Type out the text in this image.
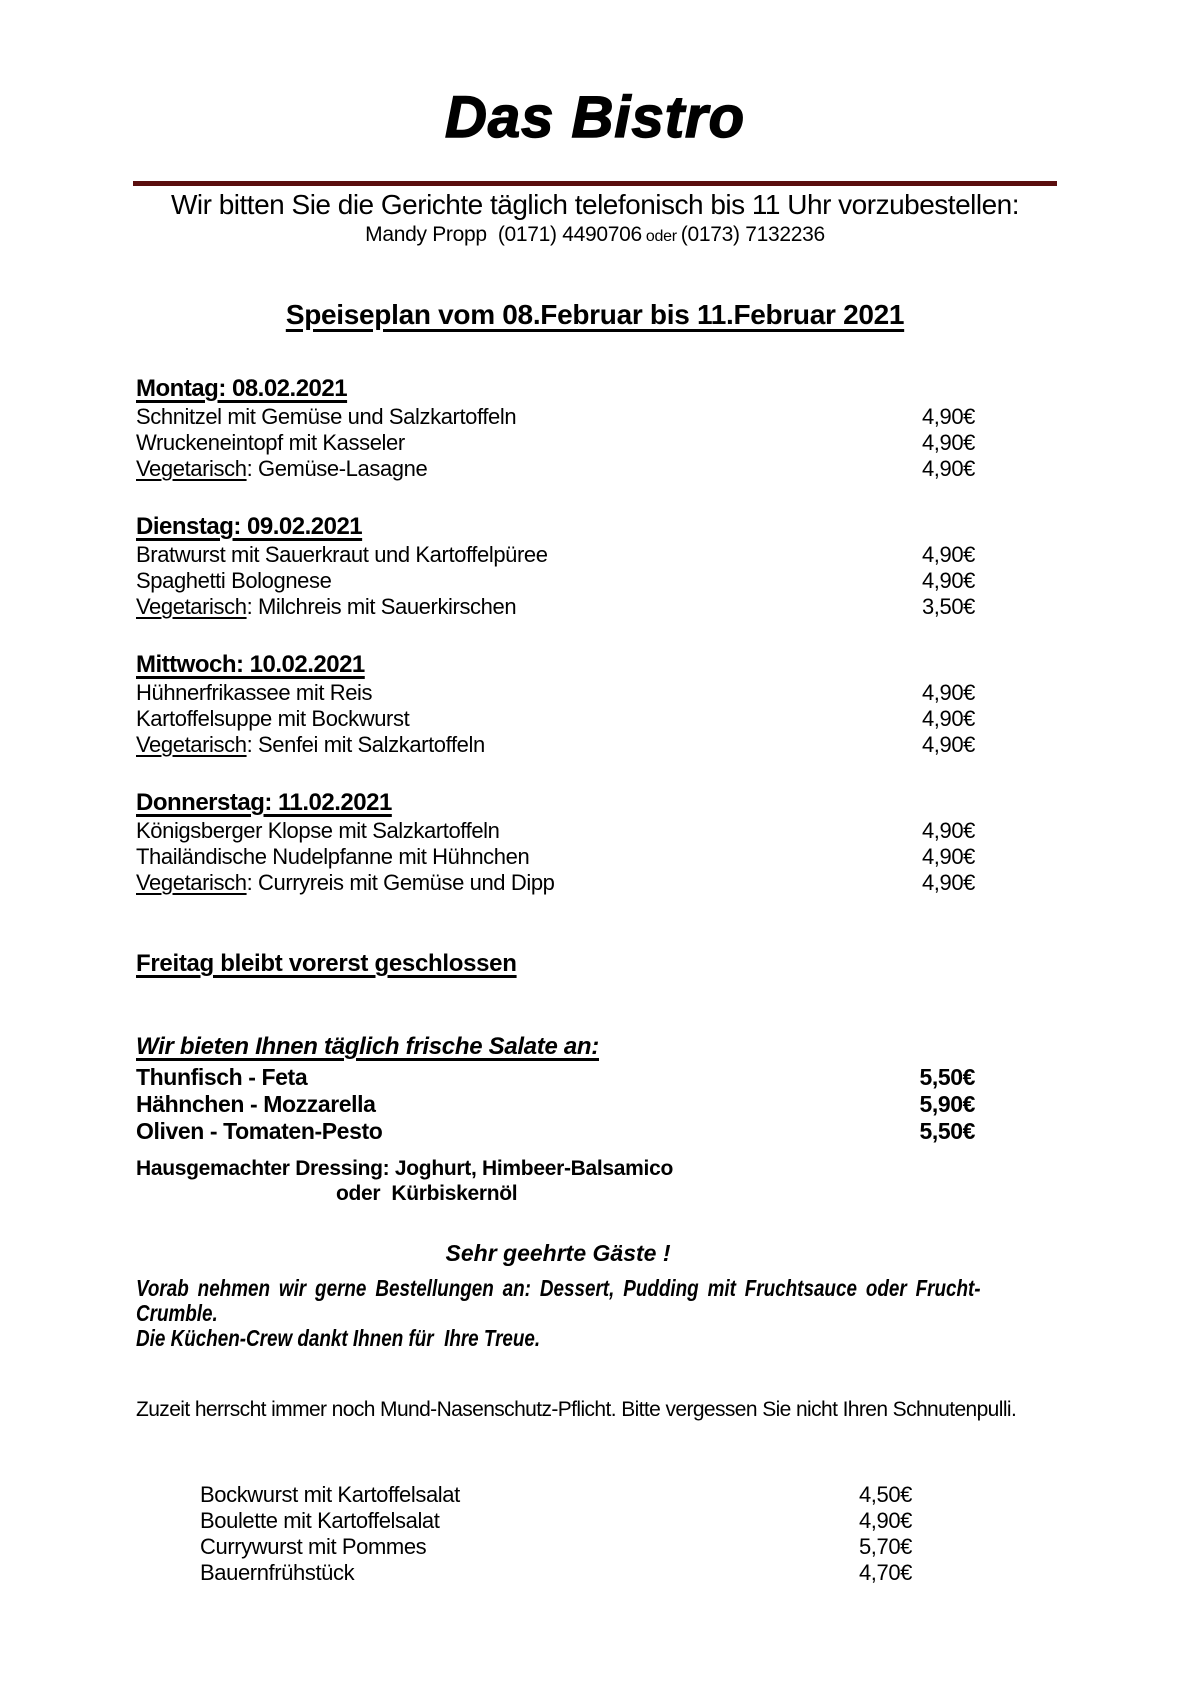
Das Bistro

Wir bitten Sie die Gerichte täglich telefonisch bis 11 Uhr vorzubestellen:

Mandy Propp  (0171) 4490706 oder (0173) 7132236

Speiseplan vom 08.Februar bis 11.Februar 2021
Montag: 08.02.2021
Schnitzel mit Gemüse und Salzkartoffeln	4,90€
Wruckeneintopf mit Kasseler	4,90€
Vegetarisch: Gemüse-Lasagne	4,90€
Dienstag: 09.02.2021
Bratwurst mit Sauerkraut und Kartoffelpüree	4,90€
Spaghetti Bolognese	4,90€
Vegetarisch: Milchreis mit Sauerkirschen	3,50€
Mittwoch: 10.02.2021
Hühnerfrikassee mit Reis	4,90€
Kartoffelsuppe mit Bockwurst	4,90€
Vegetarisch: Senfei mit Salzkartoffeln	4,90€
Donnerstag: 11.02.2021
Königsberger Klopse mit Salzkartoffeln	4,90€
Thailändische Nudelpfanne mit Hühnchen	4,90€
Vegetarisch: Curryreis mit Gemüse und Dipp	4,90€
Freitag bleibt vorerst geschlossen
Wir bieten Ihnen täglich frische Salate an:
Thunfisch - Feta	5,50€
Hähnchen - Mozzarella	5,90€
Oliven - Tomaten-Pesto	5,50€
Hausgemachter Dressing: Joghurt, Himbeer-Balsamico
oder  Kürbiskernöl
Sehr geehrte Gäste !

Vorab nehmen wir gerne Bestellungen an: Dessert, Pudding mit Fruchtsauce oder Frucht-Crumble.

Die Küchen-Crew dankt Ihnen für  Ihre Treue.

Zuzeit herrscht immer noch Mund-Nasenschutz-Pflicht. Bitte vergessen Sie nicht Ihren Schnutenpulli.
Bockwurst mit Kartoffelsalat	4,50€
Boulette mit Kartoffelsalat	4,90€
Currywurst mit Pommes	5,70€
Bauernfrühstück	4,70€
